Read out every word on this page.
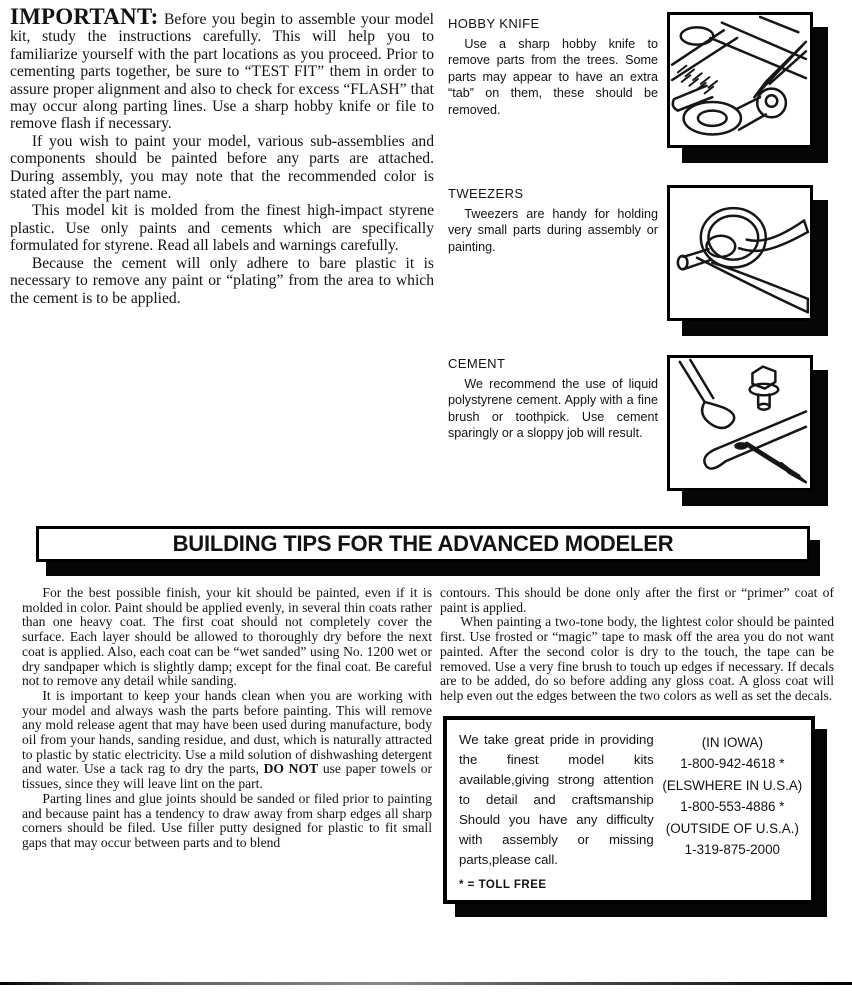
IMPORTANT: Before you begin to assemble your model kit, study the instructions carefully. This will help you to familiarize yourself with the part locations as you proceed. Prior to cementing parts together, be sure to “TEST FIT” them in order to assure proper alignment and also to check for excess “FLASH” that may occur along parting lines. Use a sharp hobby knife or file to remove flash if necessary.

If you wish to paint your model, various sub-assemblies and components should be painted before any parts are attached. During assembly, you may note that the recommended color is stated after the part name.

This model kit is molded from the finest high-impact styrene plastic. Use only paints and cements which are specifically formulated for styrene. Read all labels and warnings carefully.

Because the cement will only adhere to bare plastic it is necessary to remove any paint or “plating” from the area to which the cement is to be applied.

HOBBY KNIFE

Use a sharp hobby knife to remove parts from the trees. Some parts may appear to have an extra “tab” on them, these should be removed.

TWEEZERS

Tweezers are handy for holding very small parts during assembly or painting.

CEMENT

We recommend the use of liquid polystyrene cement. Apply with a fine brush or toothpick. Use cement sparingly or a sloppy job will result.

BUILDING TIPS FOR THE ADVANCED MODELER

For the best possible finish, your kit should be painted, even if it is molded in color. Paint should be applied evenly, in several thin coats rather than one heavy coat. The first coat should not completely cover the surface. Each layer should be allowed to thoroughly dry before the next coat is applied. Also, each coat can be “wet sanded” using No. 1200 wet or dry sandpaper which is slightly damp; except for the final coat. Be careful not to remove any detail while sanding.

It is important to keep your hands clean when you are working with your model and always wash the parts before painting. This will remove any mold release agent that may have been used during manufacture, body oil from your hands, sanding residue, and dust, which is naturally attracted to plastic by static electricity. Use a mild solution of dishwashing detergent and water. Use a tack rag to dry the parts, DO NOT use paper towels or tissues, since they will leave lint on the part.

Parting lines and glue joints should be sanded or filed prior to painting and because paint has a tendency to draw away from sharp edges all sharp corners should be filed. Use filler putty designed for plastic to fit small gaps that may occur between parts and to blend

contours. This should be done only after the first or “primer” coat of paint is applied.

When painting a two-tone body, the lightest color should be painted first. Use frosted or “magic” tape to mask off the area you do not want painted. After the second color is dry to the touch, the tape can be removed. Use a very fine brush to touch up edges if necessary. If decals are to be added, do so before adding any gloss coat. A gloss coat will help even out the edges between the two colors as well as set the decals.

We take great pride in providing the finest model kits available,giving strong attention to detail and craftsmanship Should you have any difficulty with assembly or missing parts,please call.
* = TOLL FREE
(IN IOWA)
1-800-942-4618 *
(ELSWHERE IN U.S.A)
1-800-553-4886 *
(OUTSIDE OF U.S.A.)
1-319-875-2000
